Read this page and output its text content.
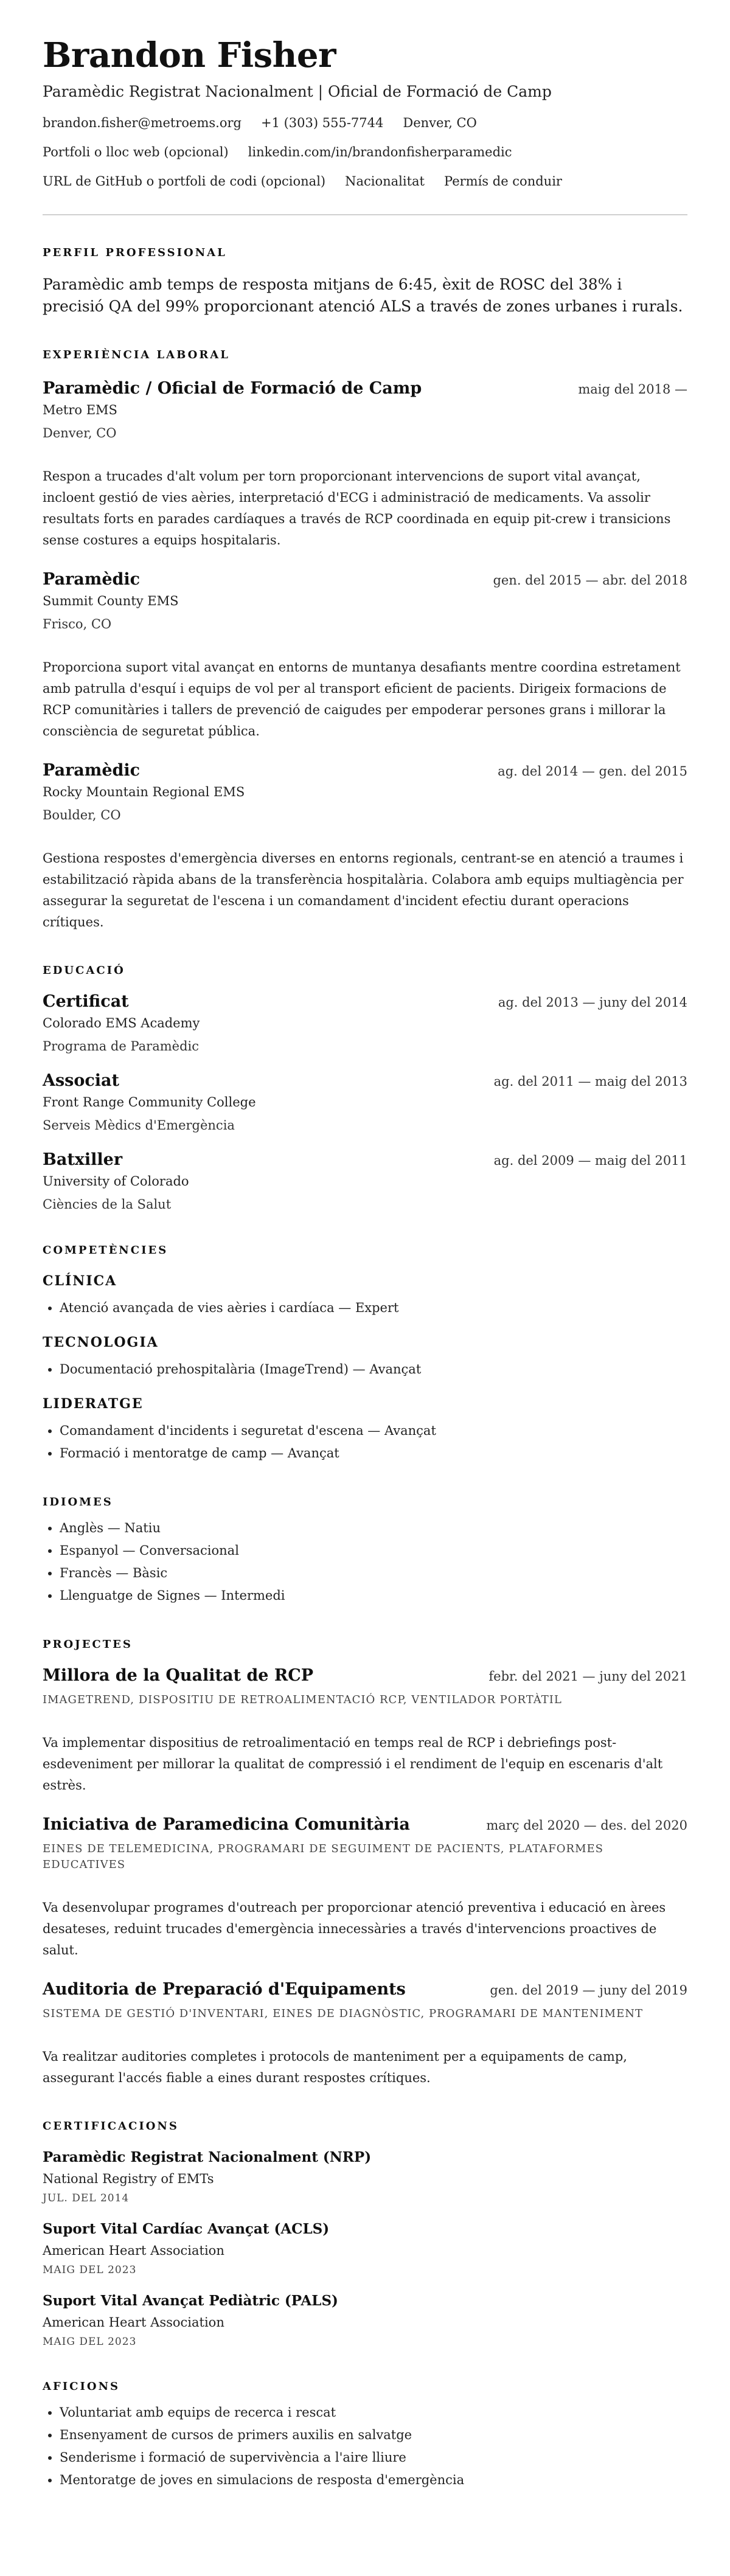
Brandon Fisher
Paramèdic Registrat Nacionalment | Oficial de Formació de Camp
brandon.fisher@metroems.org +1 (303) 555-7744 Denver, CO
Portfoli o lloc web (opcional) linkedin.com/in/brandonfisherparamedic
URL de GitHub o portfoli de codi (opcional) Nacionalitat Permís de conduir
PERFIL PROFESSIONAL
Paramèdic amb temps de resposta mitjans de 6:45, èxit de ROSC del 38% i precisió QA del 99% proporcionant atenció ALS a través de zones urbanes i rurals.
EXPERIÈNCIA LABORAL
Paramèdic / Oficial de Formació de Camp	maig del 2018 —
Metro EMS
Denver, CO
Respon a trucades d'alt volum per torn proporcionant intervencions de suport vital avançat, incloent gestió de vies aèries, interpretació d'ECG i administració de medicaments. Va assolir resultats forts en parades cardíaques a través de RCP coordinada en equip pit-crew i transicions sense costures a equips hospitalaris.
Paramèdic	gen. del 2015 — abr. del 2018
Summit County EMS
Frisco, CO
Proporciona suport vital avançat en entorns de muntanya desafiants mentre coordina estretament amb patrulla d'esquí i equips de vol per al transport eficient de pacients. Dirigeix formacions de RCP comunitàries i tallers de prevenció de caigudes per empoderar persones grans i millorar la consciència de seguretat pública.
Paramèdic	ag. del 2014 — gen. del 2015
Rocky Mountain Regional EMS
Boulder, CO
Gestiona respostes d'emergència diverses en entorns regionals, centrant-se en atenció a traumes i estabilització ràpida abans de la transferència hospitalària. Colabora amb equips multiagència per assegurar la seguretat de l'escena i un comandament d'incident efectiu durant operacions crítiques.
EDUCACIÓ
Certificat	ag. del 2013 — juny del 2014
Colorado EMS Academy
Programa de Paramèdic
Associat	ag. del 2011 — maig del 2013
Front Range Community College
Serveis Mèdics d'Emergència
Batxiller	ag. del 2009 — maig del 2011
University of Colorado
Ciències de la Salut
COMPETÈNCIES
CLÍNICA
• Atenció avançada de vies aèries i cardíaca — Expert
TECNOLOGIA
• Documentació prehospitalària (ImageTrend) — Avançat
LIDERATGE
• Comandament d'incidents i seguretat d'escena — Avançat
• Formació i mentoratge de camp — Avançat
IDIOMES
• Anglès — Natiu
• Espanyol — Conversacional
• Francès — Bàsic
• Llenguatge de Signes — Intermedi
PROJECTES
Millora de la Qualitat de RCP	febr. del 2021 — juny del 2021
IMAGETREND, DISPOSITIU DE RETROALIMENTACIÓ RCP, VENTILADOR PORTÀTIL
Va implementar dispositius de retroalimentació en temps real de RCP i debriefings post-esdeveniment per millorar la qualitat de compressió i el rendiment de l'equip en escenaris d'alt estrès.
Iniciativa de Paramedicina Comunitària	març del 2020 — des. del 2020
EINES DE TELEMEDICINA, PROGRAMARI DE SEGUIMENT DE PACIENTS, PLATAFORMES EDUCATIVES
Va desenvolupar programes d'outreach per proporcionar atenció preventiva i educació en àrees desateses, reduint trucades d'emergència innecessàries a través d'intervencions proactives de salut.
Auditoria de Preparació d'Equipaments	gen. del 2019 — juny del 2019
SISTEMA DE GESTIÓ D'INVENTARI, EINES DE DIAGNÒSTIC, PROGRAMARI DE MANTENIMENT
Va realitzar auditories completes i protocols de manteniment per a equipaments de camp, assegurant l'accés fiable a eines durant respostes crítiques.
CERTIFICACIONS
Paramèdic Registrat Nacionalment (NRP)
National Registry of EMTs
JUL. DEL 2014
Suport Vital Cardíac Avançat (ACLS)
American Heart Association
MAIG DEL 2023
Suport Vital Avançat Pediàtric (PALS)
American Heart Association
MAIG DEL 2023
AFICIONS
• Voluntariat amb equips de recerca i rescat
• Ensenyament de cursos de primers auxilis en salvatge
• Senderisme i formació de supervivència a l'aire lliure
• Mentoratge de joves en simulacions de resposta d'emergència
